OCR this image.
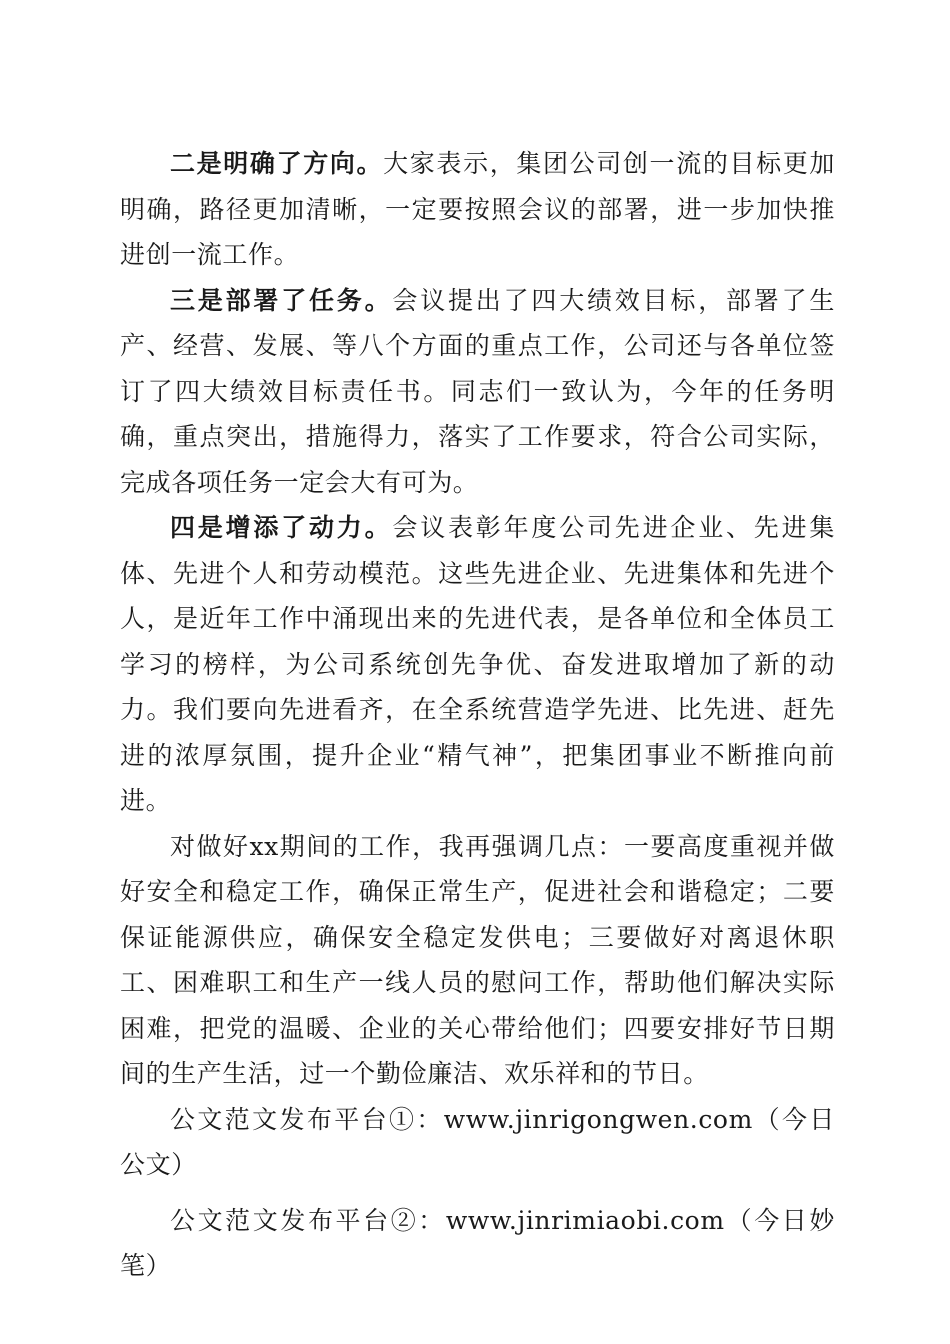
二是明确了方向。大家表示，集团公司创一流的目标更加明确，路径更加清晰，一定要按照会议的部署，进一步加快推进创一流工作。

三是部署了任务。会议提出了四大绩效目标，部署了生产、经营、发展、等八个方面的重点工作，公司还与各单位签订了四大绩效目标责任书。同志们一致认为，今年的任务明确，重点突出，措施得力，落实了工作要求，符合公司实际，完成各项任务一定会大有可为。

四是增添了动力。会议表彰年度公司先进企业、先进集体、先进个人和劳动模范。这些先进企业、先进集体和先进个人，是近年工作中涌现出来的先进代表，是各单位和全体员工学习的榜样，为公司系统创先争优、奋发进取增加了新的动力。我们要向先进看齐，在全系统营造学先进、比先进、赶先进的浓厚氛围，提升企业“精气神”，把集团事业不断推向前进。

对做好xx期间的工作，我再强调几点：一要高度重视并做好安全和稳定工作，确保正常生产，促进社会和谐稳定；二要保证能源供应，确保安全稳定发供电；三要做好对离退休职工、困难职工和生产一线人员的慰问工作，帮助他们解决实际困难，把党的温暖、企业的关心带给他们；四要安排好节日期间的生产生活，过一个勤俭廉洁、欢乐祥和的节日。

公文范文发布平台①：www.jinrigongwen.com（今日公文）

公文范文发布平台②：www.jinrimiaobi.com（今日妙笔）
